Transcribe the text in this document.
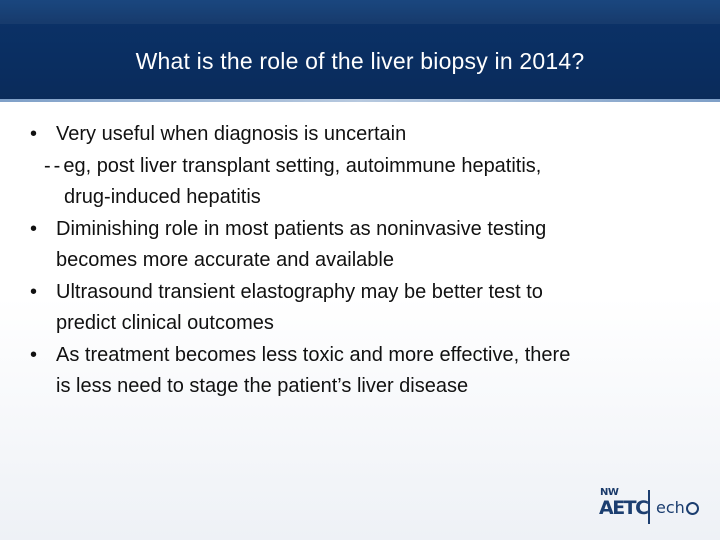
What is the role of the liver biopsy in 2014?
• Very useful when diagnosis is uncertain
--eg, post liver transplant setting, autoimmune hepatitis,
drug-induced hepatitis
• Diminishing role in most patients as noninvasive testing
becomes more accurate and available
• Ultrasound transient elastography may be better test to
predict clinical outcomes
• As treatment becomes less toxic and more effective, there
is less need to stage the patient’s liver disease
NW
AETC ech
